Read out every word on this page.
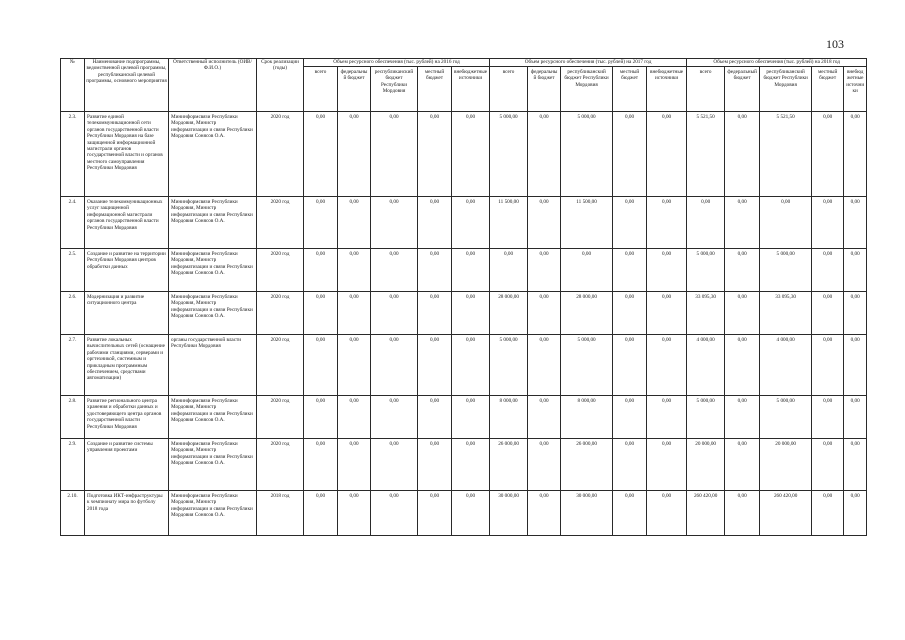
103
№	Наименование подпрограммы, ведомственной целевой программы, республиканской целевой программы, основного мероприятия	Ответственный исполнитель (ОИВ/Ф.И.О.)	Срок реализации (годы)	Объем ресурсного обеспечения (тыс. рублей) на 2016 год					Объем ресурсного обеспечения (тыс. рублей) на 2017 год					Объем ресурсного обеспечения (тыс. рублей) на 2018 год				
				всего	федеральный бюджет	республиканский бюджет Республики Мордовия	местный бюджет	внебюджетные источники	всего	федеральный бюджет	республиканский бюджет Республики Мордовия	местный бюджет	внебюджетные источники	всего	федеральный бюджет	республиканский бюджет Республики Мордовия	местный бюджет	внебюджетные источники
2.3.	Развитие единой телекоммуникационной сети органов государственной власти Республики Мордовия на базе защищенной информационной магистрали органов государственной власти и органов местного самоуправления Республики Мордовия	Мининформсвязи Республики Мордовия, Министр информатизации и связи Республики Мордовия Сонясов О.А.	2020 год	0,00	0,00	0,00	0,00	0,00	5 000,00	0,00	5 000,00	0,00	0,00	5 521,50	0,00	5 521,50	0,00	0,00
2.4.	Оказание телекоммуникационных услуг защищенной информационной магистрали органов государственной власти Республики Мордовия	Мининформсвязи Республики Мордовия, Министр информатизации и связи Республики Мордовия Сонясов О.А.	2020 год	0,00	0,00	0,00	0,00	0,00	11 500,00	0,00	11 500,00	0,00	0,00	0,00	0,00	0,00	0,00	0,00
2.5.	Создание и развитие на территории Республики Мордовия центров обработки данных	Мининформсвязи Республики Мордовия, Министр информатизации и связи Республики Мордовия Сонясов О.А.	2020 год	0,00	0,00	0,00	0,00	0,00	0,00	0,00	0,00	0,00	0,00	5 000,00	0,00	5 000,00	0,00	0,00
2.6.	Модернизация и развитие ситуационного центра	Мининформсвязи Республики Мордовия, Министр информатизации и связи Республики Мордовия Сонясов О.А.	2020 год	0,00	0,00	0,00	0,00	0,00	28 000,00	0,00	28 000,00	0,00	0,00	33 095,30	0,00	33 095,30	0,00	0,00
2.7.	Развитие локальных вычислительных сетей (оснащение рабочими станциями, серверами и оргтехникой, системным и прикладным программным обеспечением, средствами автоматизации)	органы государственной власти Республики Мордовия	2020 год	0,00	0,00	0,00	0,00	0,00	5 000,00	0,00	5 000,00	0,00	0,00	4 000,00	0,00	4 000,00	0,00	0,00
2.8.	Развитие регионального центра хранения и обработки данных и удостоверяющего центра органов государственной власти Республики Мордовия	Мининформсвязи Республики Мордовия, Министр информатизации и связи Республики Мордовия Сонясов О.А.	2020 год	0,00	0,00	0,00	0,00	0,00	8 000,00	0,00	8 000,00	0,00	0,00	5 000,00	0,00	5 000,00	0,00	0,00
2.9.	Создание и развитие системы управления проектами	Мининформсвязи Республики Мордовия, Министр информатизации и связи Республики Мордовия Сонясов О.А.	2020 год	0,00	0,00	0,00	0,00	0,00	26 000,00	0,00	26 000,00	0,00	0,00	20 000,00	0,00	20 000,00	0,00	0,00
2.10.	Подготовка ИКТ-инфраструктуры к чемпионату мира по футболу 2018 года	Мининформсвязи Республики Мордовия, Министр информатизации и связи Республики Мордовия Сонясов О.А.	2018 год	0,00	0,00	0,00	0,00	0,00	30 000,00	0,00	30 000,00	0,00	0,00	260 420,00	0,00	260 420,00	0,00	0,00
